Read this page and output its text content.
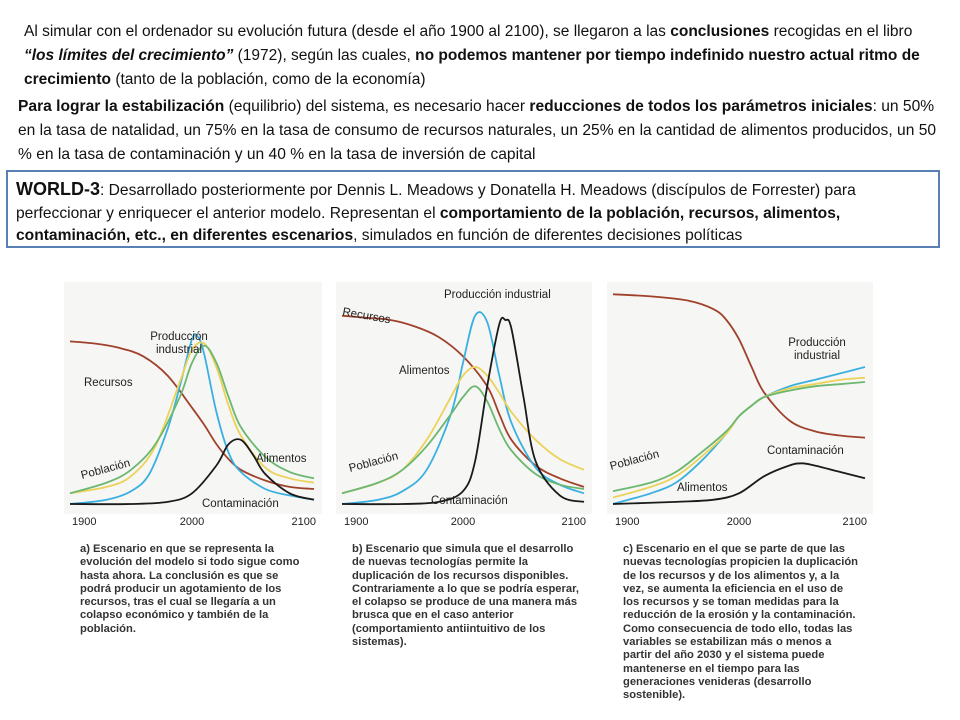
Al simular con el ordenador su evolución futura (desde el año 1900 al 2100), se llegaron a las conclusiones recogidas en el libro “los límites del crecimiento” (1972), según las cuales, no podemos mantener por tiempo indefinido nuestro actual ritmo de crecimiento (tanto de la población, como de la economía)
Para lograr la estabilización (equilibrio) del sistema, es necesario hacer reducciones de todos los parámetros iniciales: un 50% en la tasa de natalidad, un 75% en la tasa de consumo de recursos naturales, un 25% en la cantidad de alimentos producidos, un 50 % en la tasa de contaminación y un 40 % en la tasa de inversión de capital
WORLD-3: Desarrollado posteriormente por Dennis L. Meadows y Donatella H. Meadows (discípulos de Forrester) para perfeccionar y enriquecer el anterior modelo. Representan el comportamiento de la población, recursos, alimentos, contaminación, etc., en diferentes escenarios, simulados en función de diferentes decisiones políticas
Recursos
Producción industrial
Alimentos
Población
Contaminación
1900	2000	2100
Recursos
Producción industrial
Alimentos
Población
Contaminación
1900	2000	2100
Producción industrial
Alimentos
Población	Contaminación
1900	2000	2100
a) Escenario en que se representa la evolución del modelo si todo sigue como hasta ahora. La conclusión es que se podrá producir un agotamiento de los recursos, tras el cual se llegaría a un colapso económico y también de la población.
b) Escenario que simula que el desarrollo de nuevas tecnologías permite la duplicación de los recursos disponibles. Contrariamente a lo que se podría esperar, el colapso se produce de una manera más brusca que en el caso anterior (comportamiento antiintuitivo de los sistemas).
c) Escenario en el que se parte de que las nuevas tecnologías propicien la duplicación de los recursos y de los alimentos y, a la vez, se aumenta la eficiencia en el uso de los recursos y se toman medidas para la reducción de la erosión y la contaminación. Como consecuencia de todo ello, todas las variables se estabilizan más o menos a partir del año 2030 y el sistema puede mantenerse en el tiempo para las generaciones venideras (desarrollo sostenible).
